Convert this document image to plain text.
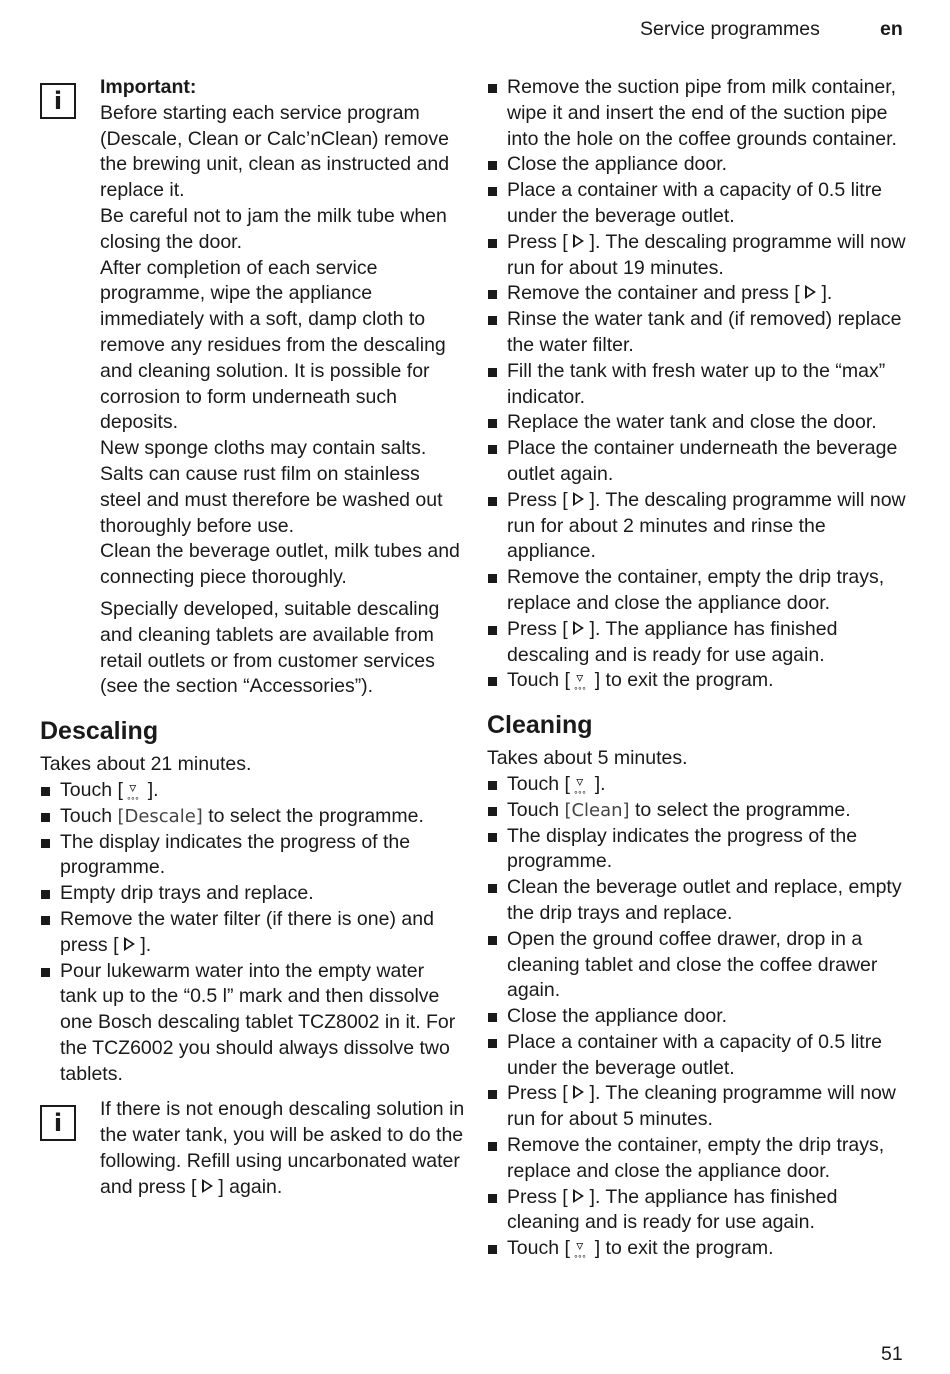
Service programmes	en
i Important:

Before starting each service program (Descale, Clean or Calc’nClean) remove the brewing unit, clean as instructed and replace it.

Be careful not to jam the milk tube when closing the door.

After completion of each service programme, wipe the appliance immediately with a soft, damp cloth to remove any residues from the descaling and cleaning solution. It is possible for corrosion to form underneath such deposits.

New sponge cloths may contain salts. Salts can cause rust film on stainless steel and must therefore be washed out thoroughly before use.

Clean the beverage outlet, milk tubes and connecting piece thoroughly.

Specially developed, suitable descaling and cleaning tablets are available from retail outlets or from customer services (see the section “Accessories”).

Descaling

Takes about 21 minutes.

Touch [ ▿ ∘∘∘ ].
Touch [Descale] to select the programme.
The display indicates the progress of the programme.
Empty drip trays and replace.
Remove the water filter (if there is one) and press [ ].
Pour lukewarm water into the empty water tank up to the “0.5 l” mark and then dissolve one Bosch descaling tablet TCZ8002 in it. For the TCZ6002 you should always dissolve two tablets.
i If there is not enough descaling solution in the water tank, you will be asked to do the following. Refill using uncarbonated water and press [ ] again.

Remove the suction pipe from milk container, wipe it and insert the end of the suction pipe into the hole on the coffee grounds container.
Close the appliance door.
Place a container with a capacity of 0.5 litre under the beverage outlet.
Press [ ]. The descaling programme will now run for about 19 minutes.
Remove the container and press [ ].
Rinse the water tank and (if removed) replace the water filter.
Fill the tank with fresh water up to the “max” indicator.
Replace the water tank and close the door.
Place the container underneath the beverage outlet again.
Press [ ]. The descaling programme will now run for about 2 minutes and rinse the appliance.
Remove the container, empty the drip trays, replace and close the appliance door.
Press [ ]. The appliance has finished descaling and is ready for use again.
Touch [ ▿ ∘∘∘ ] to exit the program.
Cleaning

Takes about 5 minutes.

Touch [ ▿ ∘∘∘ ].
Touch [Clean] to select the programme.
The display indicates the progress of the programme.
Clean the beverage outlet and replace, empty the drip trays and replace.
Open the ground coffee drawer, drop in a cleaning tablet and close the coffee drawer again.
Close the appliance door.
Place a container with a capacity of 0.5 litre under the beverage outlet.
Press [ ]. The cleaning programme will now run for about 5 minutes.
Remove the container, empty the drip trays, replace and close the appliance door.
Press [ ]. The appliance has finished cleaning and is ready for use again.
Touch [ ▿ ∘∘∘ ] to exit the program.
51
